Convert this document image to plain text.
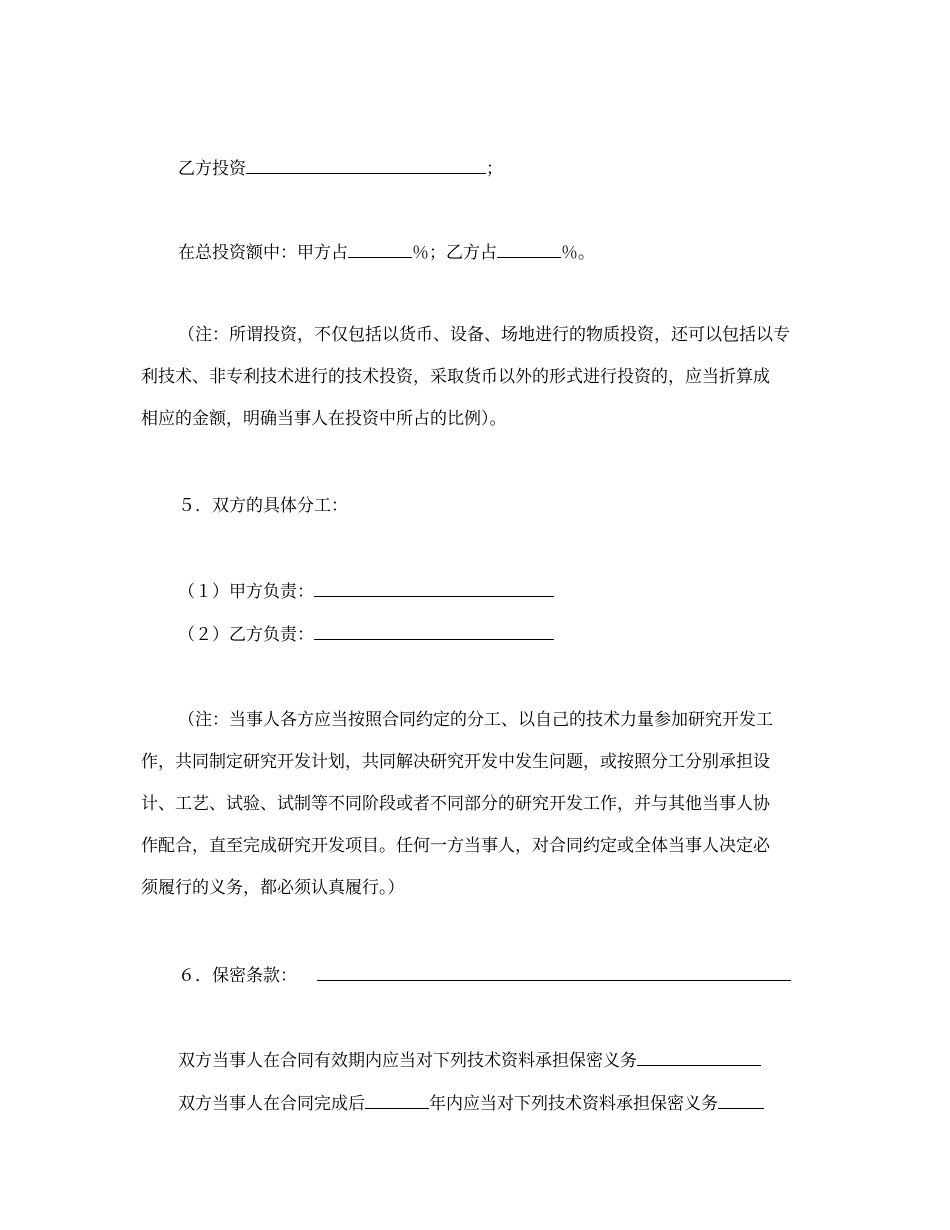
乙方投资	；
在总投资额中：甲方占	％；乙方占	％。
（注：所谓投资，不仅包括以货币、设备、场地进行的物质投资，还可以包括以专
利技术、非专利技术进行的技术投资，采取货币以外的形式进行投资的，应当折算成
相应的金额，明确当事人在投资中所占的比例）。
５．双方的具体分工：
（１）甲方负责：
（２）乙方负责：
（注：当事人各方应当按照合同约定的分工、以自己的技术力量参加研究开发工
作，共同制定研究开发计划，共同解决研究开发中发生问题，或按照分工分别承担设
计、工艺、试验、试制等不同阶段或者不同部分的研究开发工作，并与其他当事人协
作配合，直至完成研究开发项目。任何一方当事人，对合同约定或全体当事人决定必
须履行的义务，都必须认真履行。）
６．保密条款：
双方当事人在合同有效期内应当对下列技术资料承担保密义务
双方当事人在合同完成后	年内应当对下列技术资料承担保密义务
